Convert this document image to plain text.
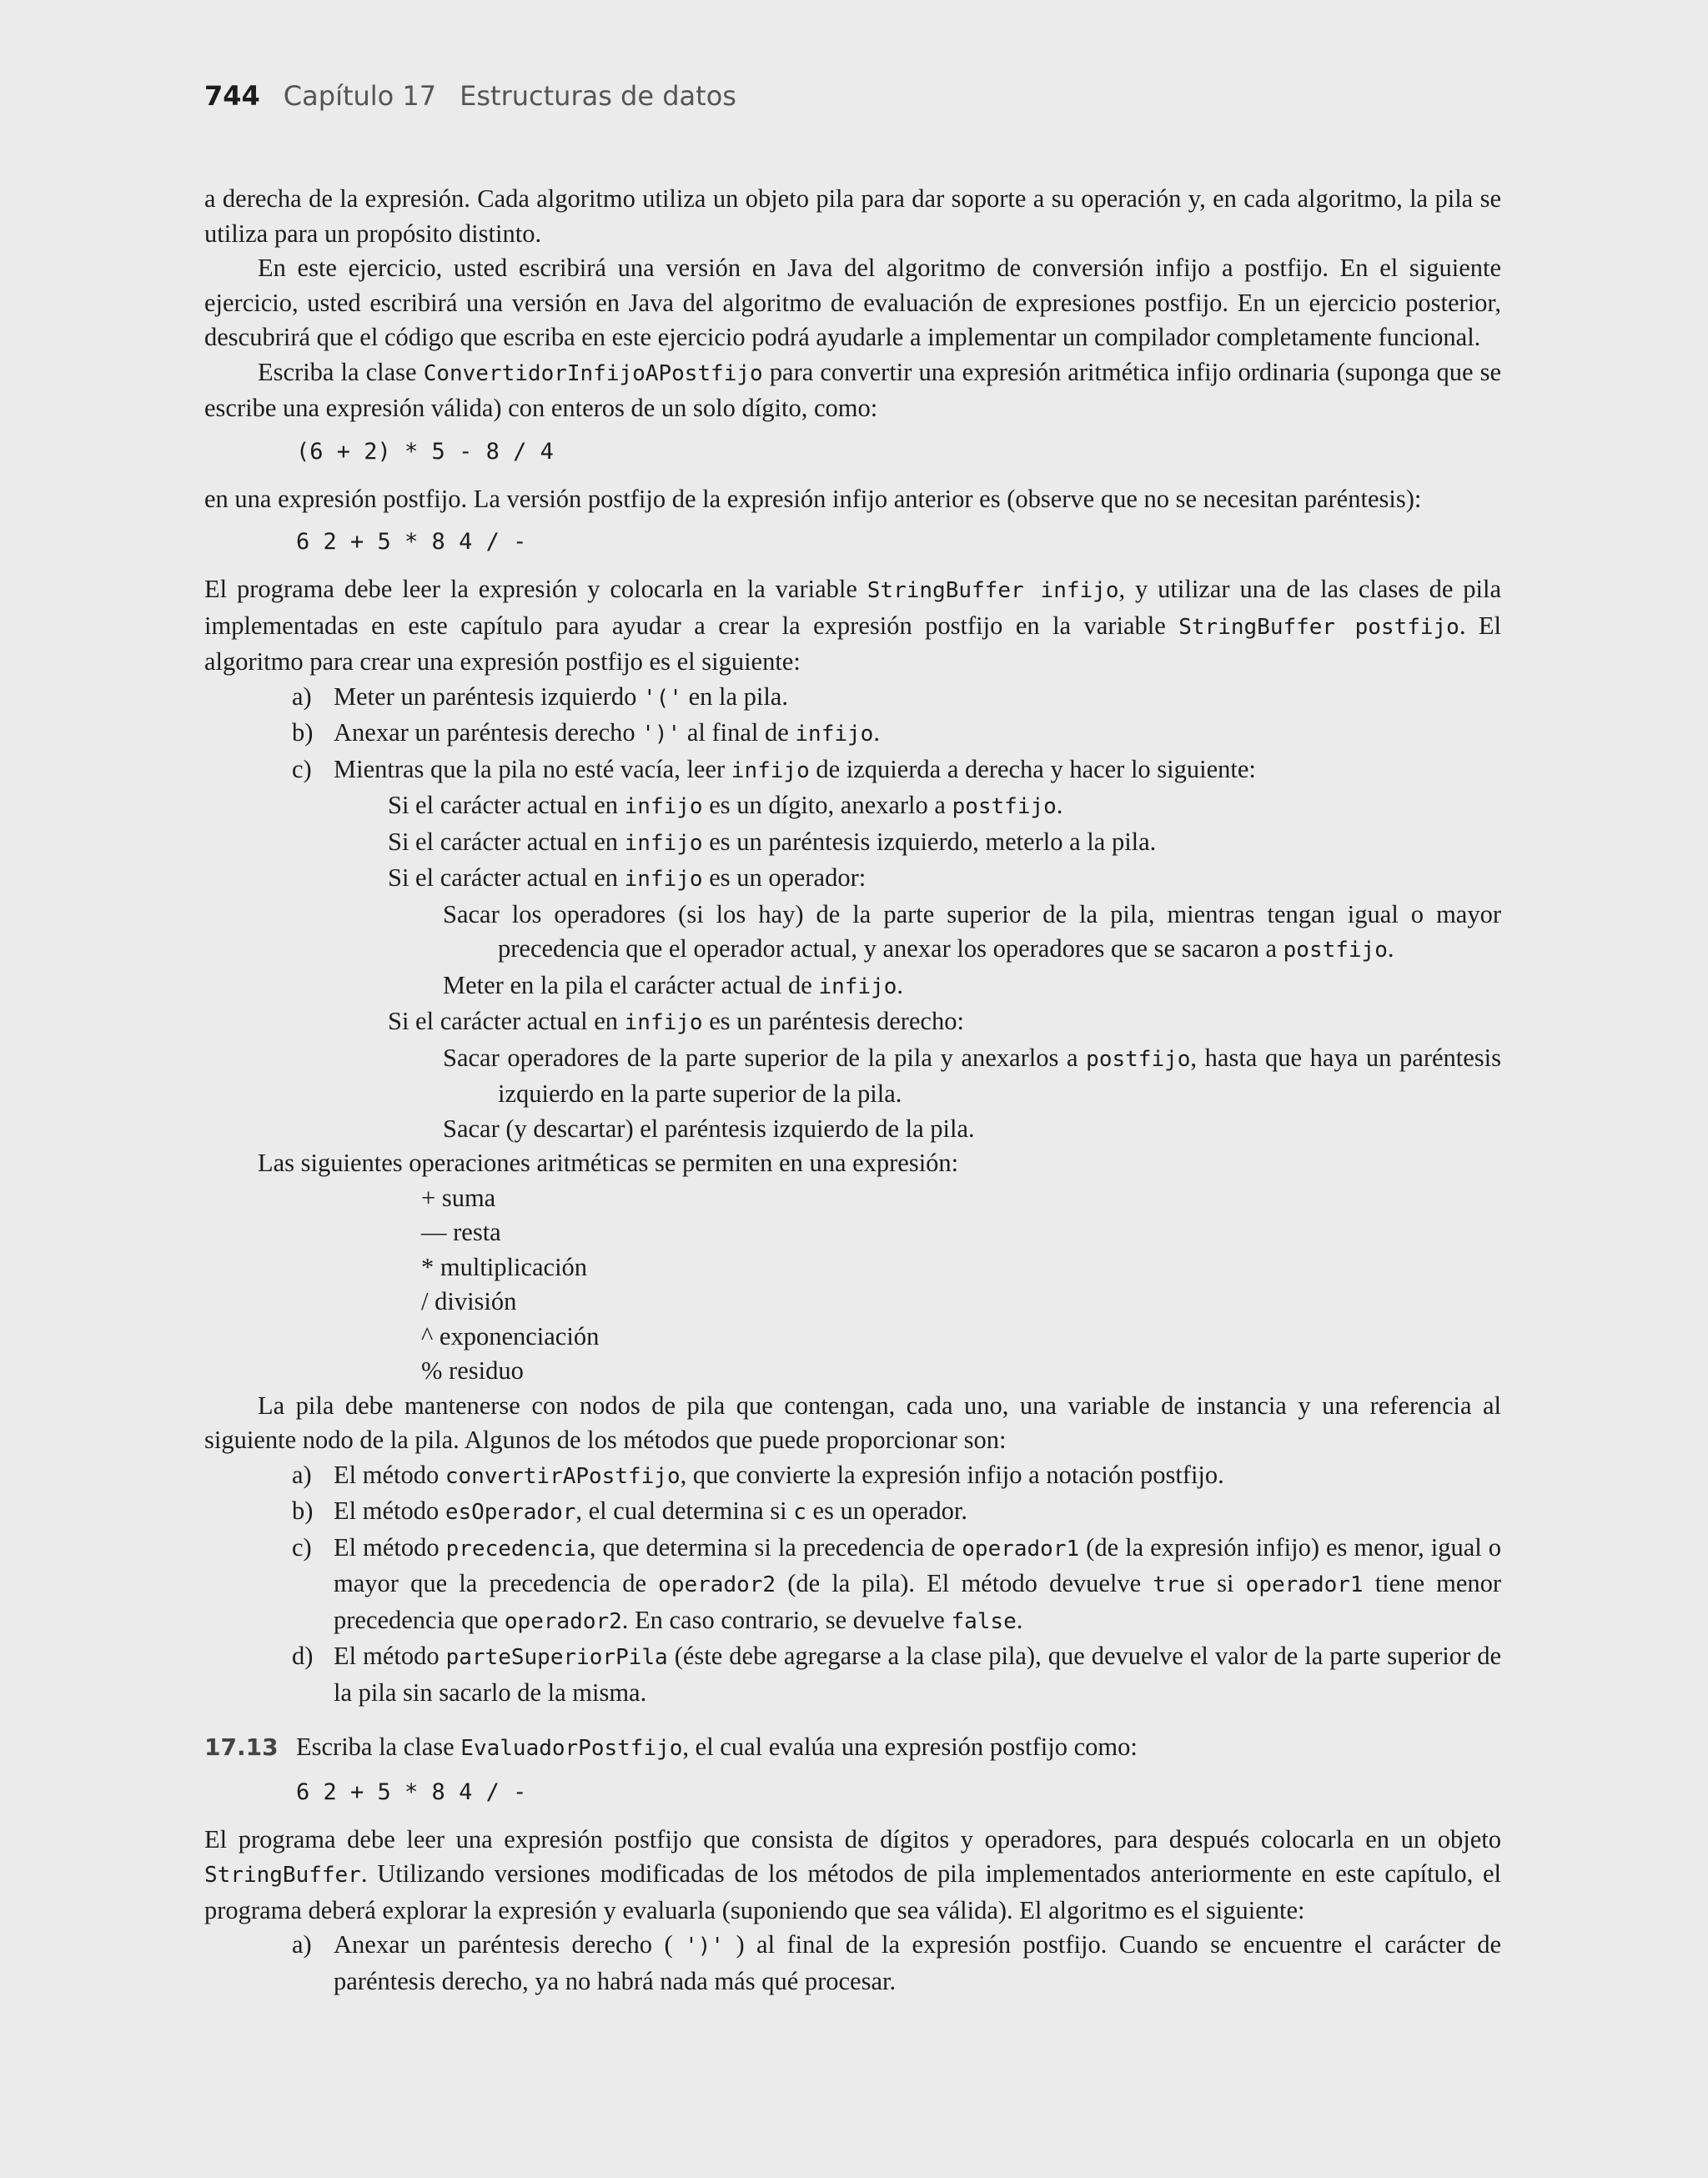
744 Capítulo 17 Estructuras de datos

a derecha de la expresión. Cada algoritmo utiliza un objeto pila para dar soporte a su operación y, en cada algoritmo, la pila se utiliza para un propósito distinto.

En este ejercicio, usted escribirá una versión en Java del algoritmo de conversión infijo a postfijo. En el siguiente ejercicio, usted escribirá una versión en Java del algoritmo de evaluación de expresiones postfijo. En un ejercicio posterior, descubrirá que el código que escriba en este ejercicio podrá ayudarle a implementar un compilador completamente funcional.

Escriba la clase ConvertidorInfijoAPostfijo para convertir una expresión aritmética infijo ordinaria (suponga que se escribe una expresión válida) con enteros de un solo dígito, como:

(6 + 2) * 5 - 8 / 4

en una expresión postfijo. La versión postfijo de la expresión infijo anterior es (observe que no se necesitan paréntesis):

6 2 + 5 * 8 4 / -

El programa debe leer la expresión y colocarla en la variable StringBuffer infijo, y utilizar una de las clases de pila implementadas en este capítulo para ayudar a crear la expresión postfijo en la variable StringBuffer postfijo. El algoritmo para crear una expresión postfijo es el siguiente:

a) Meter un paréntesis izquierdo '(' en la pila.
b) Anexar un paréntesis derecho ')' al final de infijo.
c) Mientras que la pila no esté vacía, leer infijo de izquierda a derecha y hacer lo siguiente:
Si el carácter actual en infijo es un dígito, anexarlo a postfijo.
Si el carácter actual en infijo es un paréntesis izquierdo, meterlo a la pila.
Si el carácter actual en infijo es un operador:
Sacar los operadores (si los hay) de la parte superior de la pila, mientras tengan igual o mayor precedencia que el operador actual, y anexar los operadores que se sacaron a postfijo.
Meter en la pila el carácter actual de infijo.
Si el carácter actual en infijo es un paréntesis derecho:
Sacar operadores de la parte superior de la pila y anexarlos a postfijo, hasta que haya un paréntesis izquierdo en la parte superior de la pila.
Sacar (y descartar) el paréntesis izquierdo de la pila.

Las siguientes operaciones aritméticas se permiten en una expresión:

+ suma
— resta
* multiplicación
/ división
^ exponenciación
% residuo

La pila debe mantenerse con nodos de pila que contengan, cada uno, una variable de instancia y una referencia al siguiente nodo de la pila. Algunos de los métodos que puede proporcionar son:

a) El método convertirAPostfijo, que convierte la expresión infijo a notación postfijo.
b) El método esOperador, el cual determina si c es un operador.
c) El método precedencia, que determina si la precedencia de operador1 (de la expresión infijo) es menor, igual o mayor que la precedencia de operador2 (de la pila). El método devuelve true si operador1 tiene menor precedencia que operador2. En caso contrario, se devuelve false.
d) El método parteSuperiorPila (éste debe agregarse a la clase pila), que devuelve el valor de la parte superior de la pila sin sacarlo de la misma.
17.13 Escriba la clase EvaluadorPostfijo, el cual evalúa una expresión postfijo como:
6 2 + 5 * 8 4 / -

El programa debe leer una expresión postfijo que consista de dígitos y operadores, para después colocarla en un objeto StringBuffer. Utilizando versiones modificadas de los métodos de pila implementados anteriormente en este capítulo, el programa deberá explorar la expresión y evaluarla (suponiendo que sea válida). El algoritmo es el siguiente:

a) Anexar un paréntesis derecho ( ')' ) al final de la expresión postfijo. Cuando se encuentre el carácter de paréntesis derecho, ya no habrá nada más qué procesar.
